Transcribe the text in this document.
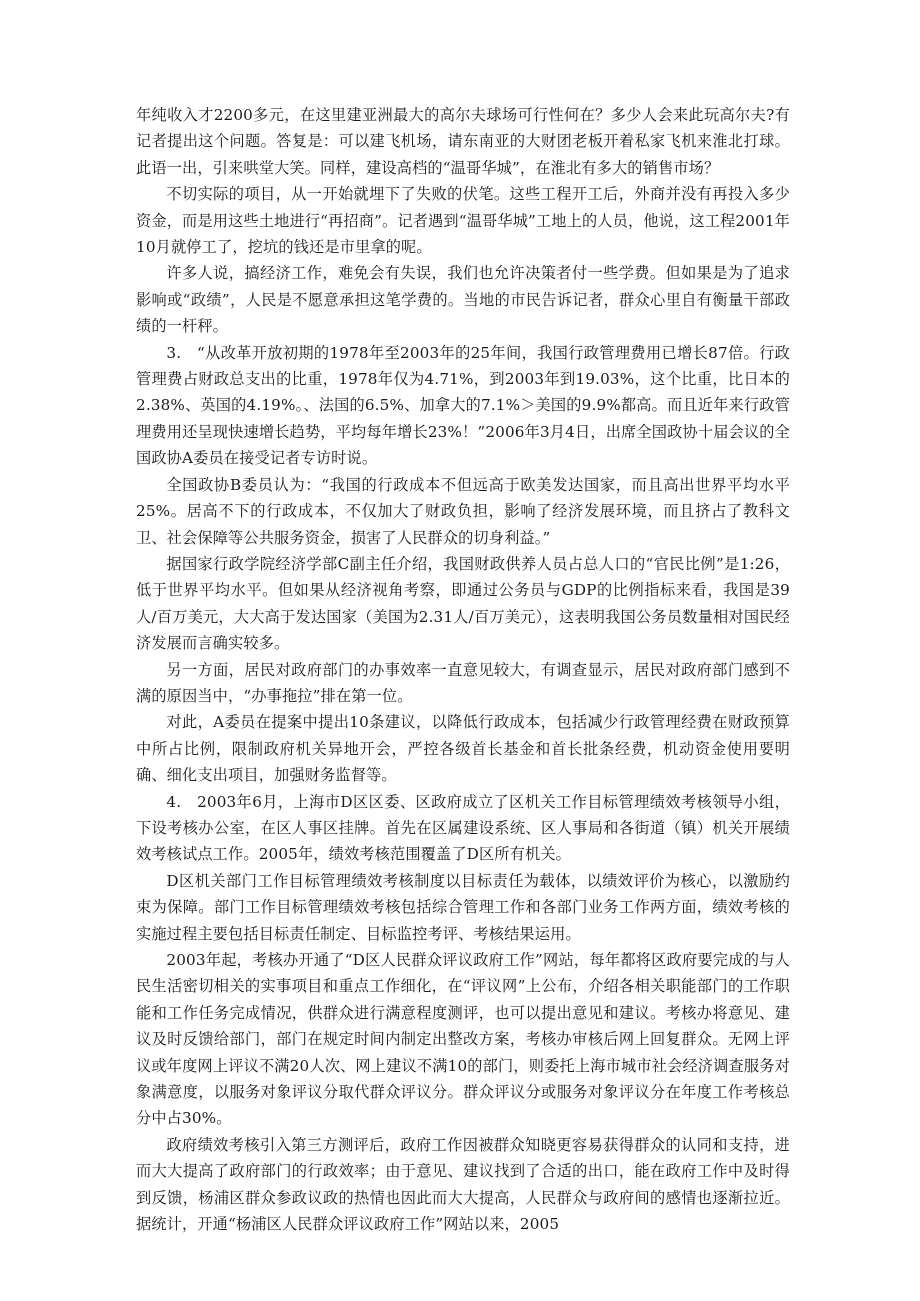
年纯收入才2200多元，在这里建亚洲最大的高尔夫球场可行性何在？多少人会来此玩高尔夫?有记者提出这个问题。答复是：可以建飞机场，请东南亚的大财团老板开着私家飞机来淮北打球。此语一出，引来哄堂大笑。同样，建设高档的“温哥华城”，在淮北有多大的销售市场？

不切实际的项目，从一开始就埋下了失败的伏笔。这些工程开工后，外商并没有再投入多少资金，而是用这些土地进行“再招商”。记者遇到“温哥华城”工地上的人员，他说，这工程2001年10月就停工了，挖坑的钱还是市里拿的呢。

许多人说，搞经济工作，难免会有失误，我们也允许决策者付一些学费。但如果是为了追求影响或“政绩”，人民是不愿意承担这笔学费的。当地的市民告诉记者，群众心里自有衡量干部政绩的一杆秤。

3.　“从改革开放初期的1978年至2003年的25年间，我国行政管理费用已增长87倍。行政管理费占财政总支出的比重，1978年仅为4.71%，到2003年到19.03%，这个比重，比日本的2.38%、英国的4.19%。、法国的6.5%、加拿大的7.1%＞美国的9.9%都高。而且近年来行政管理费用还呈现快速增长趋势，平均每年增长23%！”2006年3月4日，出席全国政协十届会议的全国政协A委员在接受记者专访时说。

全国政协B委员认为：“我国的行政成本不但远高于欧美发达国家，而且高出世界平均水平25%。居高不下的行政成本，不仅加大了财政负担，影响了经济发展环境，而且挤占了教科文卫、社会保障等公共服务资金，损害了人民群众的切身利益。”

据国家行政学院经济学部C副主任介绍，我国财政供养人员占总人口的“官民比例”是1:26，低于世界平均水平。但如果从经济视角考察，即通过公务员与GDP的比例指标来看，我国是39人/百万美元，大大高于发达国家（美国为2.31人/百万美元），这表明我国公务员数量相对国民经济发展而言确实较多。

另一方面，居民对政府部门的办事效率一直意见较大，有调查显示，居民对政府部门感到不满的原因当中，“办事拖拉”排在第一位。

对此，A委员在提案中提出10条建议，以降低行政成本，包括减少行政管理经费在财政预算中所占比例，限制政府机关异地开会，严控各级首长基金和首长批条经费，机动资金使用要明确、细化支出项目，加强财务监督等。

4.　2003年6月，上海市D区区委、区政府成立了区机关工作目标管理绩效考核领导小组，下设考核办公室，在区人事区挂牌。首先在区属建设系统、区人事局和各街道（镇）机关开展绩效考核试点工作。2005年，绩效考核范围覆盖了D区所有机关。

D区机关部门工作目标管理绩效考核制度以目标责任为载体，以绩效评价为核心，以激励约束为保障。部门工作目标管理绩效考核包括综合管理工作和各部门业务工作两方面，绩效考核的实施过程主要包括目标责任制定、目标监控考评、考核结果运用。

2003年起，考核办开通了“D区人民群众评议政府工作”网站，每年都将区政府要完成的与人民生活密切相关的实事项目和重点工作细化，在“评议网”上公布，介绍各相关职能部门的工作职能和工作任务完成情况，供群众进行满意程度测评，也可以提出意见和建议。考核办将意见、建议及时反馈给部门，部门在规定时间内制定出整改方案，考核办审核后网上回复群众。无网上评议或年度网上评议不满20人次、网上建议不满10的部门，则委托上海市城市社会经济调查服务对象满意度，以服务对象评议分取代群众评议分。群众评议分或服务对象评议分在年度工作考核总分中占30%。

政府绩效考核引入第三方测评后，政府工作因被群众知晓更容易获得群众的认同和支持，进而大大提高了政府部门的行政效率；由于意见、建议找到了合适的出口，能在政府工作中及时得到反馈，杨浦区群众参政议政的热情也因此而大大提高，人民群众与政府间的感情也逐渐拉近。据统计，开通“杨浦区人民群众评议政府工作”网站以来，2005
